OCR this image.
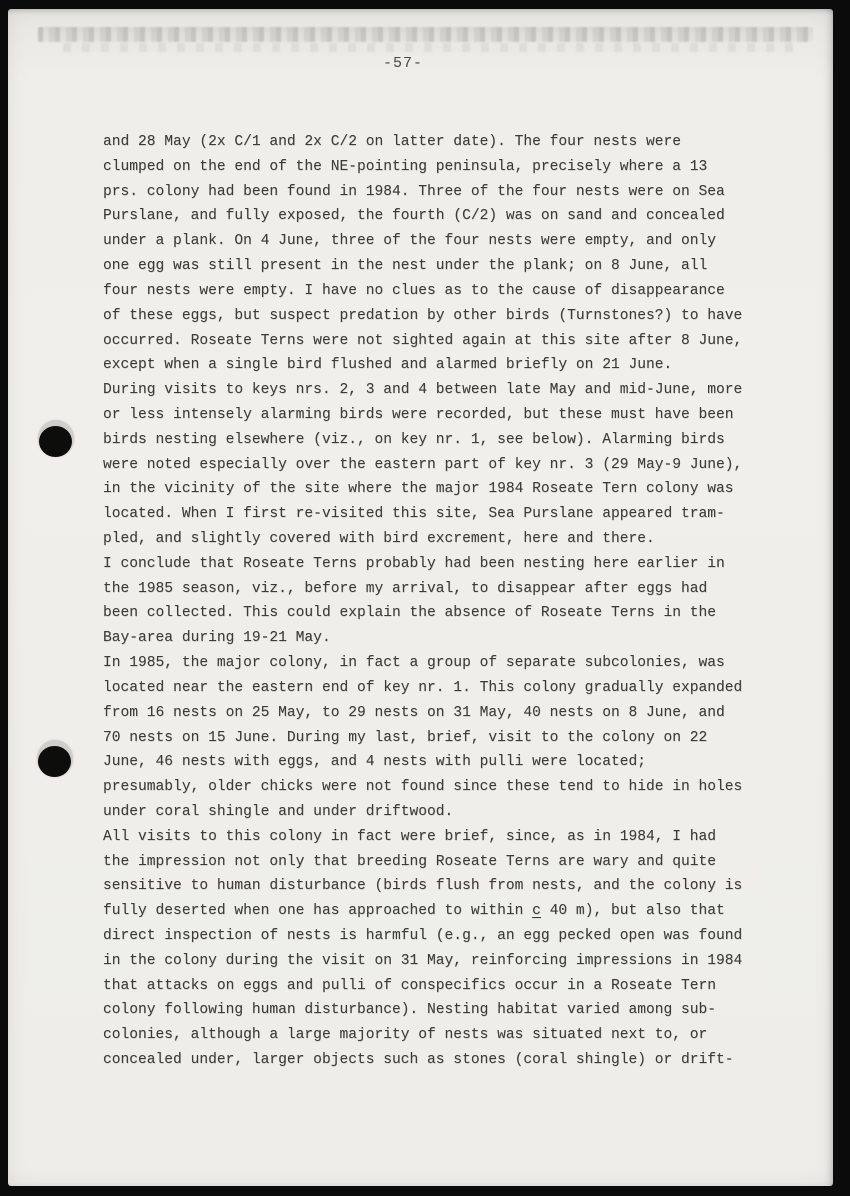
-57-
and 28 May (2x C/1 and 2x C/2 on latter date). The four nests were
clumped on the end of the NE-pointing peninsula, precisely where a 13
prs. colony had been found in 1984. Three of the four nests were on Sea
Purslane, and fully exposed, the fourth (C/2) was on sand and concealed
under a plank. On 4 June, three of the four nests were empty, and only
one egg was still present in the nest under the plank; on 8 June, all
four nests were empty. I have no clues as to the cause of disappearance
of these eggs, but suspect predation by other birds (Turnstones?) to have
occurred. Roseate Terns were not sighted again at this site after 8 June,
except when a single bird flushed and alarmed briefly on 21 June.
During visits to keys nrs. 2, 3 and 4 between late May and mid-June, more
or less intensely alarming birds were recorded, but these must have been
birds nesting elsewhere (viz., on key nr. 1, see below). Alarming birds
were noted especially over the eastern part of key nr. 3 (29 May-9 June),
in the vicinity of the site where the major 1984 Roseate Tern colony was
located. When I first re-visited this site, Sea Purslane appeared tram-
pled, and slightly covered with bird excrement, here and there.
I conclude that Roseate Terns probably had been nesting here earlier in
the 1985 season, viz., before my arrival, to disappear after eggs had
been collected. This could explain the absence of Roseate Terns in the
Bay-area during 19-21 May.
In 1985, the major colony, in fact a group of separate subcolonies, was
located near the eastern end of key nr. 1. This colony gradually expanded
from 16 nests on 25 May, to 29 nests on 31 May, 40 nests on 8 June, and
70 nests on 15 June. During my last, brief, visit to the colony on 22
June, 46 nests with eggs, and 4 nests with pulli were located;
presumably, older chicks were not found since these tend to hide in holes
under coral shingle and under driftwood.
All visits to this colony in fact were brief, since, as in 1984, I had
the impression not only that breeding Roseate Terns are wary and quite
sensitive to human disturbance (birds flush from nests, and the colony is
fully deserted when one has approached to within c 40 m), but also that
direct inspection of nests is harmful (e.g., an egg pecked open was found
in the colony during the visit on 31 May, reinforcing impressions in 1984
that attacks on eggs and pulli of conspecifics occur in a Roseate Tern
colony following human disturbance). Nesting habitat varied among sub-
colonies, although a large majority of nests was situated next to, or
concealed under, larger objects such as stones (coral shingle) or drift-
